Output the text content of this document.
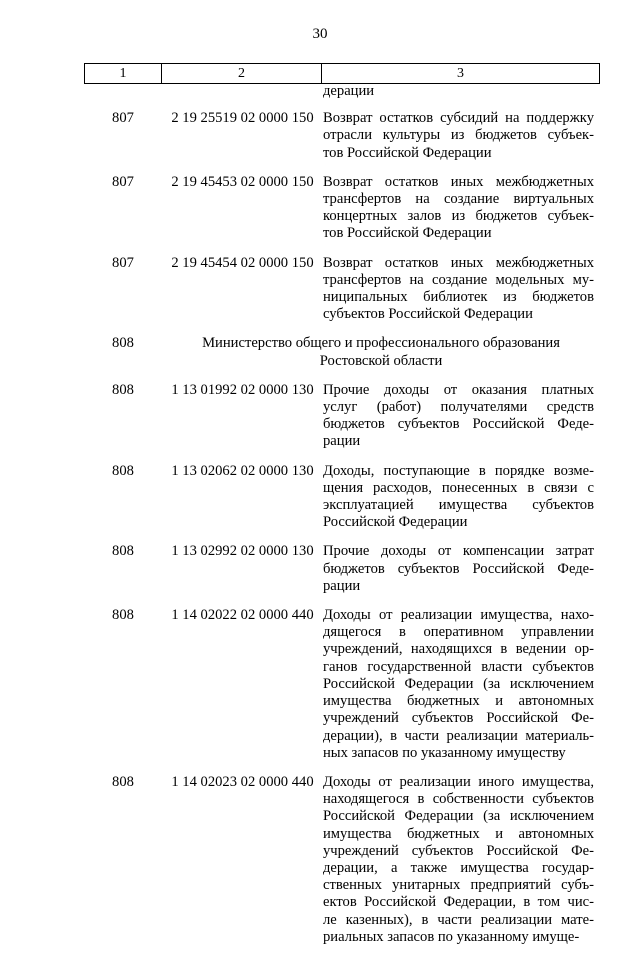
30
1	2	3
дерации
807	2 19 25519 02 0000 150 Возврат остатков субсидий на поддержку
отрасли культуры из бюджетов субъек-
тов Российской Федерации
807	2 19 45453 02 0000 150 Возврат остатков иных межбюджетных
трансфертов на создание виртуальных
концертных залов из бюджетов субъек-
тов Российской Федерации
807	2 19 45454 02 0000 150 Возврат остатков иных межбюджетных
трансфертов на создание модельных му-
ниципальных библиотек из бюджетов
субъектов Российской Федерации
808	Министерство общего и профессионального образования
Ростовской области
808	1 13 01992 02 0000 130 Прочие доходы от оказания платных
услуг (работ) получателями средств
бюджетов субъектов Российской Феде-
рации
808	1 13 02062 02 0000 130 Доходы, поступающие в порядке возме-
щения расходов, понесенных в связи с
эксплуатацией имущества субъектов
Российской Федерации
808	1 13 02992 02 0000 130 Прочие доходы от компенсации затрат
бюджетов субъектов Российской Феде-
рации
808	1 14 02022 02 0000 440 Доходы от реализации имущества, нахо-
дящегося в оперативном управлении
учреждений, находящихся в ведении ор-
ганов государственной власти субъектов
Российской Федерации (за исключением
имущества бюджетных и автономных
учреждений субъектов Российской Фе-
дерации), в части реализации материаль-
ных запасов по указанному имуществу
808	1 14 02023 02 0000 440 Доходы от реализации иного имущества,
находящегося в собственности субъектов
Российской Федерации (за исключением
имущества бюджетных и автономных
учреждений субъектов Российской Фе-
дерации, а также имущества государ-
ственных унитарных предприятий субъ-
ектов Российской Федерации, в том чис-
ле казенных), в части реализации мате-
риальных запасов по указанному имуще-
